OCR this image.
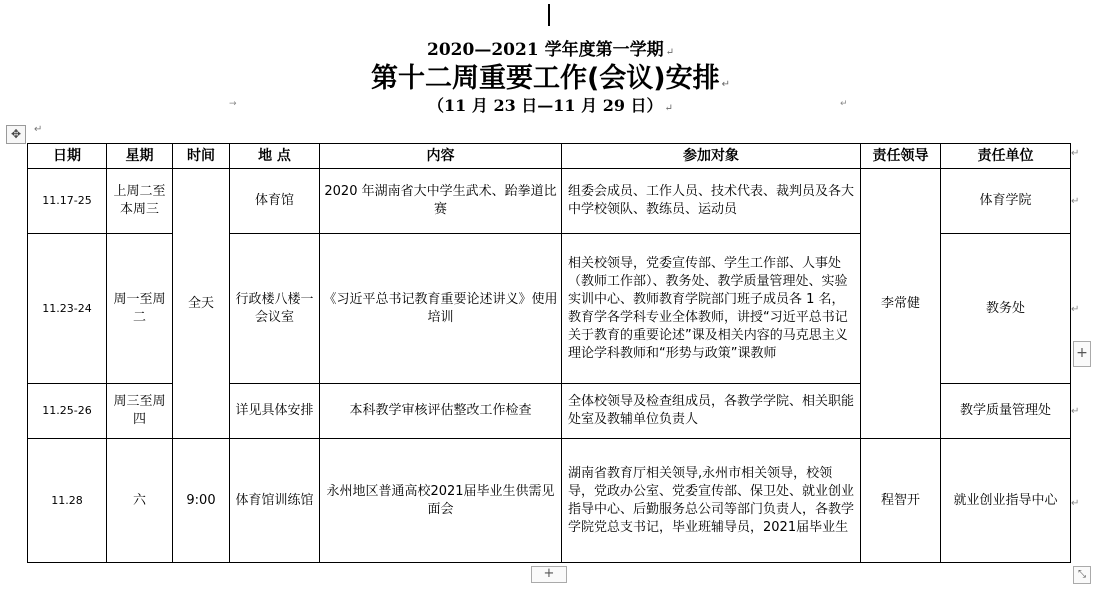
2020—2021 学年度第一学期 ↵
第十二周重要工作(会议)安排 ↵
（11 月 23 日—11 月 29 日） ↵
→	↵
✥	↵
日期	星期	时间	地 点	内容	参加对象	责任领导	责任单位
11.17-25	上周二至本周三	全天	体育馆	2020 年湖南省大中学生武术、跆拳道比赛	组委会成员、工作人员、技术代表、裁判员及各大中学校领队、教练员、运动员	李常健	体育学院
11.23-24	周一至周二		行政楼八楼一会议室	《习近平总书记教育重要论述讲义》使用培训	相关校领导，党委宣传部、学生工作部、人事处（教师工作部）、教务处、教学质量管理处、实验实训中心、教师教育学院部门班子成员各 1 名，教育学各学科专业全体教师，讲授“习近平总书记关于教育的重要论述”课及相关内容的马克思主义理论学科教师和“形势与政策”课教师		教务处
11.25-26	周三至周四		详见具体安排	本科教学审核评估整改工作检查	全体校领导及检查组成员，各教学学院、相关职能处室及教辅单位负责人		教学质量管理处
11.28	六	9:00	体育馆训练馆	永州地区普通高校2021届毕业生供需见面会	湖南省教育厅相关领导,永州市相关领导，校领导，党政办公室、党委宣传部、保卫处、就业创业指导中心、后勤服务总公司等部门负责人，各教学学院党总支书记，毕业班辅导员，2021届毕业生	程智开	就业创业指导中心
↵
↵
↵
↵
↵
+
+	⤡
